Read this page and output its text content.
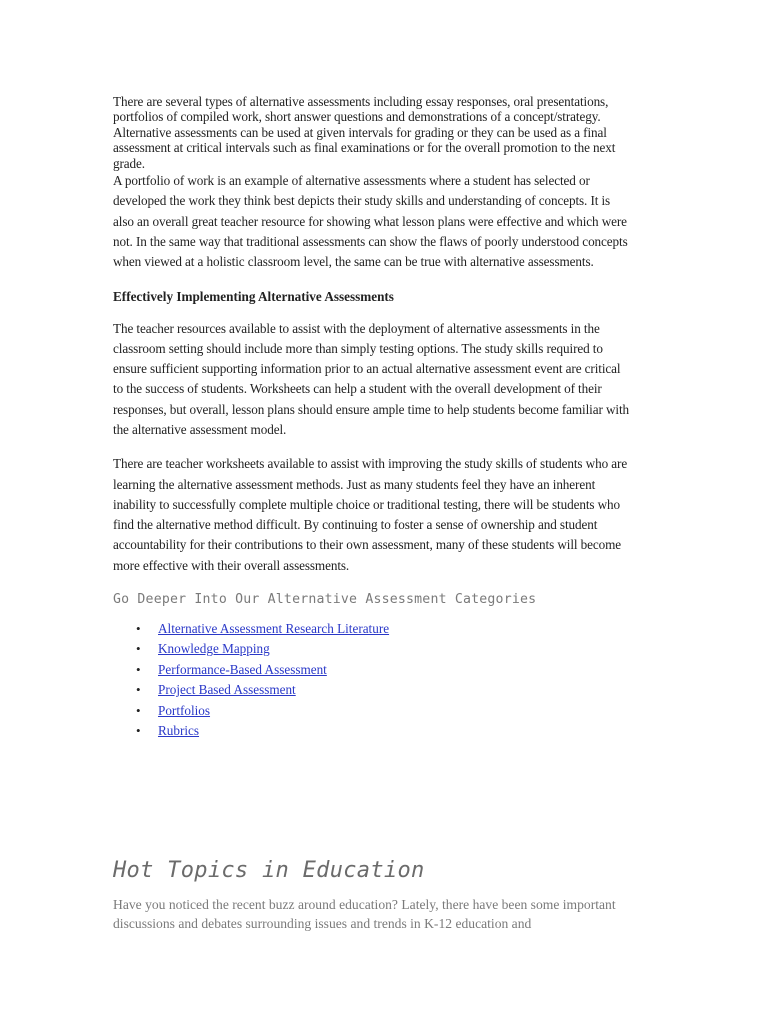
There are several types of alternative assessments including essay responses, oral presentations, portfolios of compiled work, short answer questions and demonstrations of a concept/strategy. Alternative assessments can be used at given intervals for grading or they can be used as a final assessment at critical intervals such as final examinations or for the overall promotion to the next grade.

A portfolio of work is an example of alternative assessments where a student has selected or developed the work they think best depicts their study skills and understanding of concepts. It is also an overall great teacher resource for showing what lesson plans were effective and which were not. In the same way that traditional assessments can show the flaws of poorly understood concepts when viewed at a holistic classroom level, the same can be true with alternative assessments.

Effectively Implementing Alternative Assessments

The teacher resources available to assist with the deployment of alternative assessments in the classroom setting should include more than simply testing options. The study skills required to ensure sufficient supporting information prior to an actual alternative assessment event are critical to the success of students. Worksheets can help a student with the overall development of their responses, but overall, lesson plans should ensure ample time to help students become familiar with the alternative assessment model.

There are teacher worksheets available to assist with improving the study skills of students who are learning the alternative assessment methods. Just as many students feel they have an inherent inability to successfully complete multiple choice or traditional testing, there will be students who find the alternative method difficult. By continuing to foster a sense of ownership and student accountability for their contributions to their own assessment, many of these students will become more effective with their overall assessments.

Go Deeper Into Our Alternative Assessment Categories
• Alternative Assessment Research Literature
• Knowledge Mapping
• Performance-Based Assessment
• Project Based Assessment
• Portfolios
• Rubrics
Hot Topics in Education

Have you noticed the recent buzz around education? Lately, there have been some important discussions and debates surrounding issues and trends in K-12 education and
